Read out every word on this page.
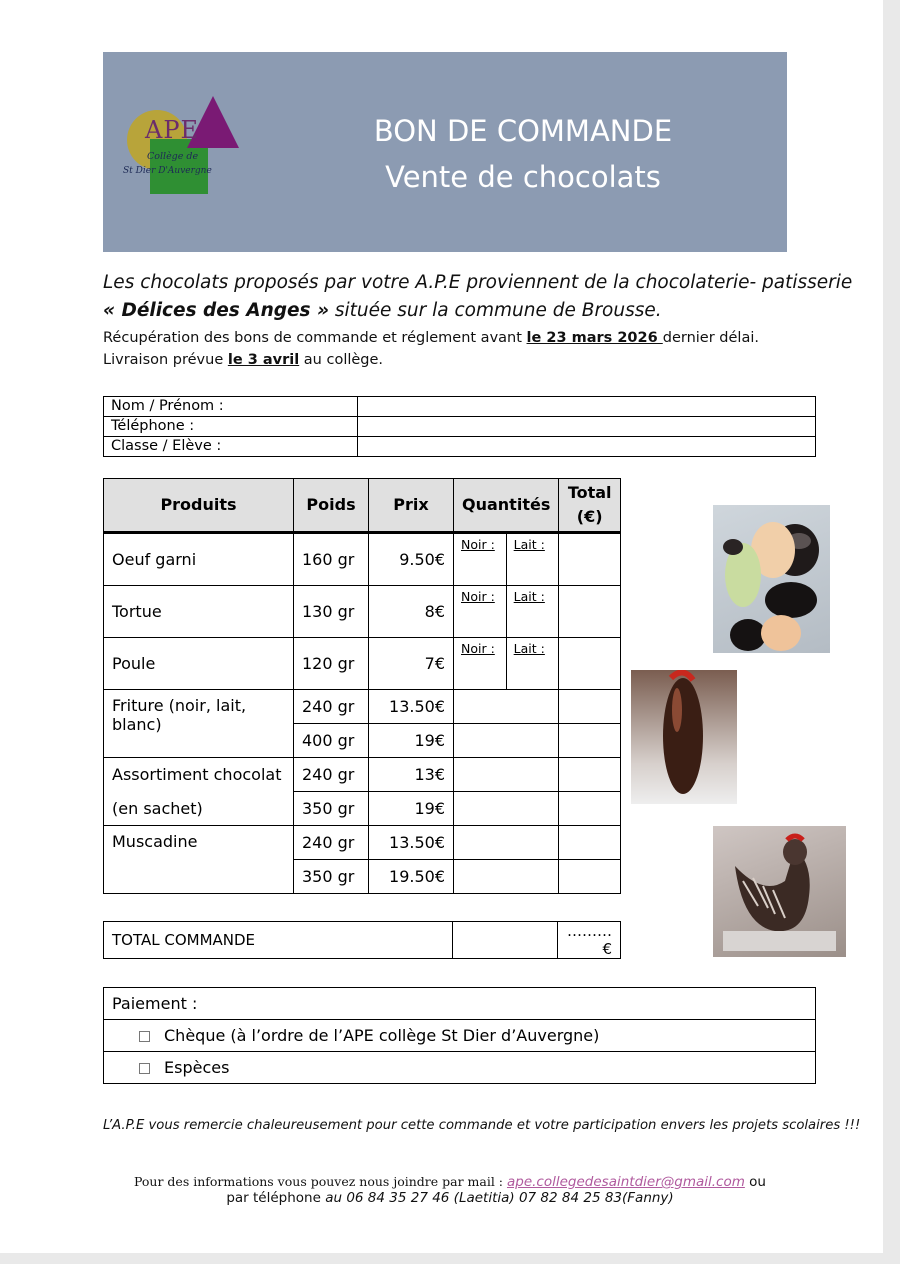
APE
Collège de
St Dier D'Auvergne
BON DE COMMANDE
Vente de chocolats
Les chocolats proposés par votre A.P.E proviennent de la chocolaterie- patisserie
« Délices des Anges » située sur la commune de Brousse.
Récupération des bons de commande et réglement avant le 23 mars 2026 dernier délai.
Livraison prévue le 3 avril au collège.
Nom / Prénom :	
Téléphone :	
Classe / Elève :	
Produits	Poids	Prix	Quantités	Total
(€)

Oeuf garni	160 gr	9.50€	Noir : Lait :	

Tortue	130 gr	8€	Noir : Lait :	

Poule	120 gr	7€	Noir : Lait :	

Friture (noir, lait, blanc)	240 gr	13.50€		
	400 gr	19€		
Assortiment chocolat	240 gr	13€		
(en sachet)	350 gr	19€		
Muscadine	240 gr	13.50€		
	350 gr	19.50€		
TOTAL COMMANDE		………€
Paiement :
Chèque (à l’ordre de l’APE collège St Dier d’Auvergne)
Espèces
L’A.P.E vous remercie chaleureusement pour cette commande et votre participation envers les projets scolaires !!!
Pour des informations vous pouvez nous joindre par mail : ape.collegedesaintdier@gmail.com ou
par téléphone au 06 84 35 27 46 (Laetitia) 07 82 84 25 83(Fanny)
